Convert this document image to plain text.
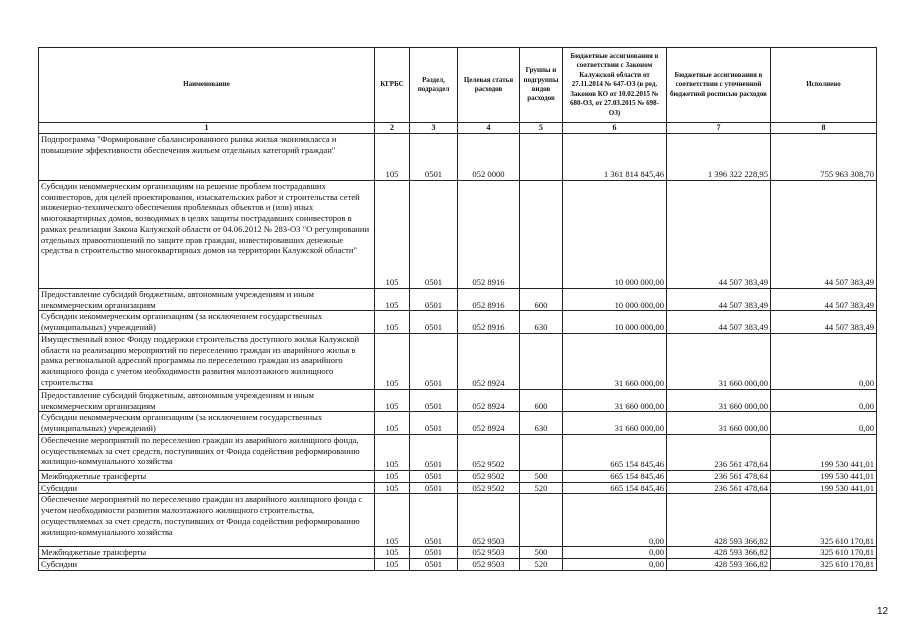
Наименование	КГРБС	Раздел, подраздел	Целевая статья расходов	Группы и подгруппы видов расходов	Бюджетные ассигнования в соответствии с Законом Калужской области от 27.11.2014 № 647-ОЗ (в ред. Законов КО от 10.02.2015 № 680-ОЗ, от 27.03.2015 № 698-ОЗ)	Бюджетные ассигнования в соответствии с уточненной бюджетной росписью расходов	Исполнено
1	2	3	4	5	6	7	8
Подпрограмма "Формирование сбалансированного рынка жилья экономкласса и повышение эффективности обеспечения жильем отдельных категорий граждан"	105	0501	052 0000		1 361 814 845,46	1 396 322 228,95	755 963 308,70
Субсидии некоммерческим организациям на решение проблем пострадавших соинвесторов, для целей проектирования, изыскательских работ и строительства сетей инженерно-технического обеспечения проблемных объектов и (или) иных многоквартирных домов, возводимых в целях защиты пострадавших соинвесторов в рамках реализации Закона Калужской области от 04.06.2012 № 283-ОЗ "О регулировании отдельных правоотношений по защите прав граждан, инвестировавших денежные средства в строительство многоквартирных домов на территории Калужской области"	105	0501	052 8916		10 000 000,00	44 507 383,49	44 507 383,49
Предоставление субсидий бюджетным, автономным учреждениям и иным некоммерческим организациям	105	0501	052 8916	600	10 000 000,00	44 507 383,49	44 507 383,49
Субсидии некоммерческим организациям (за исключением государственных (муниципальных) учреждений)	105	0501	052 8916	630	10 000 000,00	44 507 383,49	44 507 383,49
Имущественный взнос Фонду поддержки строительства доступного жилья Калужской области на реализацию мероприятий по переселению граждан из аварийного жилья в рамка региональной адресной программы по переселению граждан из аварийного жилищного фонда с учетом необходимости развития малоэтажного жилищного строительства	105	0501	052 8924		31 660 000,00	31 660 000,00	0,00
Предоставление субсидий бюджетным, автономным учреждениям и иным некоммерческим организациям	105	0501	052 8924	600	31 660 000,00	31 660 000,00	0,00
Субсидии некоммерческим организациям (за исключением государственных (муниципальных) учреждений)	105	0501	052 8924	630	31 660 000,00	31 660 000,00	0,00
Обеспечение мероприятий по переселению граждан из аварийного жилищного фонда, осуществляемых за счет средств, поступивших от Фонда содействия реформированию жилищно-коммунального хозяйства	105	0501	052 9502		665 154 845,46	236 561 478,64	199 530 441,01
Межбюджетные трансферты	105	0501	052 9502	500	665 154 845,46	236 561 478,64	199 530 441,01
Субсидии	105	0501	052 9502	520	665 154 845,46	236 561 478,64	199 530 441,01
Обеспечение мероприятий по переселению граждан из аварийного жилищного фонда с учетом необходимости развития малоэтажного жилищного строительства, осуществляемых за счет средств, поступивших от Фонда содействия реформированию жилищно-коммунального хозяйства	105	0501	052 9503		0,00	428 593 366,82	325 610 170,81
Межбюджетные трансферты	105	0501	052 9503	500	0,00	428 593 366,82	325 610 170,81
Субсидии	105	0501	052 9503	520	0,00	428 593 366,82	325 610 170,81
12
